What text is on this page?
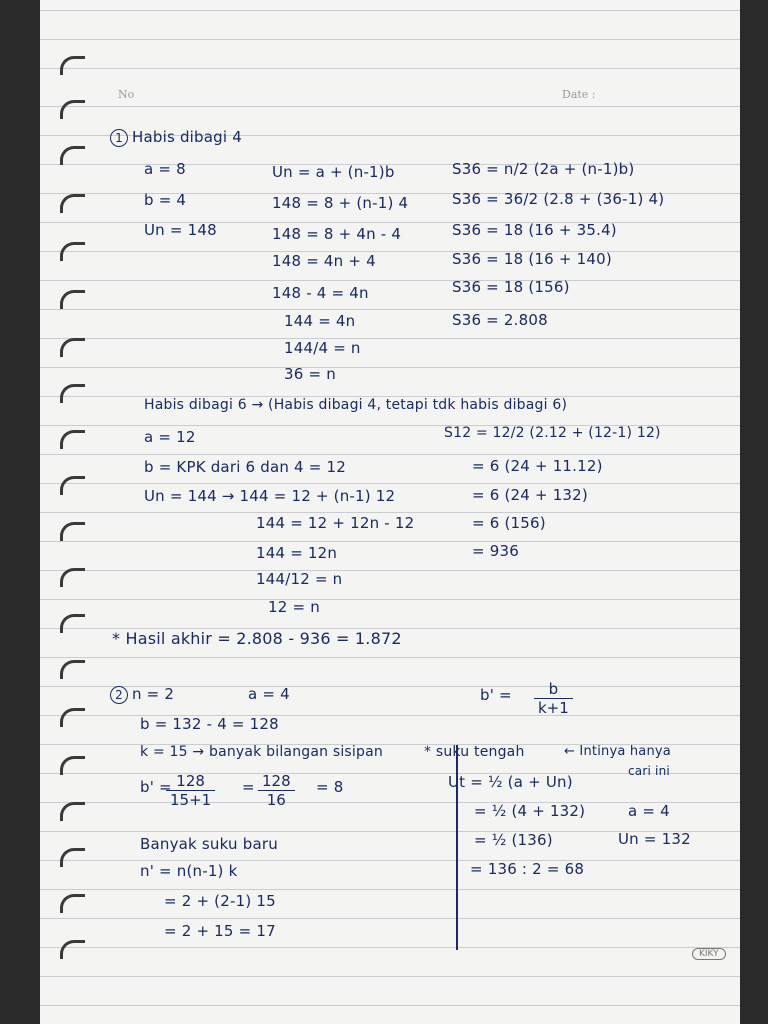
No	Date :
1 Habis dibagi 4
a = 8
b = 4
Un = 148
Un = a + (n-1)b
148 = 8 + (n-1) 4
148 = 8 + 4n - 4
148 = 4n + 4
148 - 4 = 4n
144 = 4n
144/4 = n
36 = n
S36 = n/2 (2a + (n-1)b)
S36 = 36/2 (2.8 + (36-1) 4)
S36 = 18 (16 + 35.4)
S36 = 18 (16 + 140)
S36 = 18 (156)
S36 = 2.808
Habis dibagi 6 → (Habis dibagi 4, tetapi tdk habis dibagi 6)
a = 12
b = KPK dari 6 dan 4 = 12
Un = 144 → 144 = 12 + (n-1) 12
144 = 12 + 12n - 12
144 = 12n
144/12 = n
12 = n
S12 = 12/2 (2.12 + (12-1) 12)
= 6 (24 + 11.12)
= 6 (24 + 132)
= 6 (156)
= 936
* Hasil akhir = 2.808 - 936 = 1.872
2 n = 2	a = 4
b = 132 - 4 = 128
k = 15 → banyak bilangan sisipan
b' =
$\frac{128}{15+1} = \frac{128}{16} = 8$
Banyak suku baru
n' = n(n-1) k
= 2 + (2-1) 15
= 2 + 15 = 17
$b' = \frac{b}{k+1}$
* suku tengah	← Intinya hanya
cari ini
Ut = ½ (a + Un)
= ½ (4 + 132)
= ½ (136)
= 136 : 2 = 68
a = 4
Un = 132
KIKY
